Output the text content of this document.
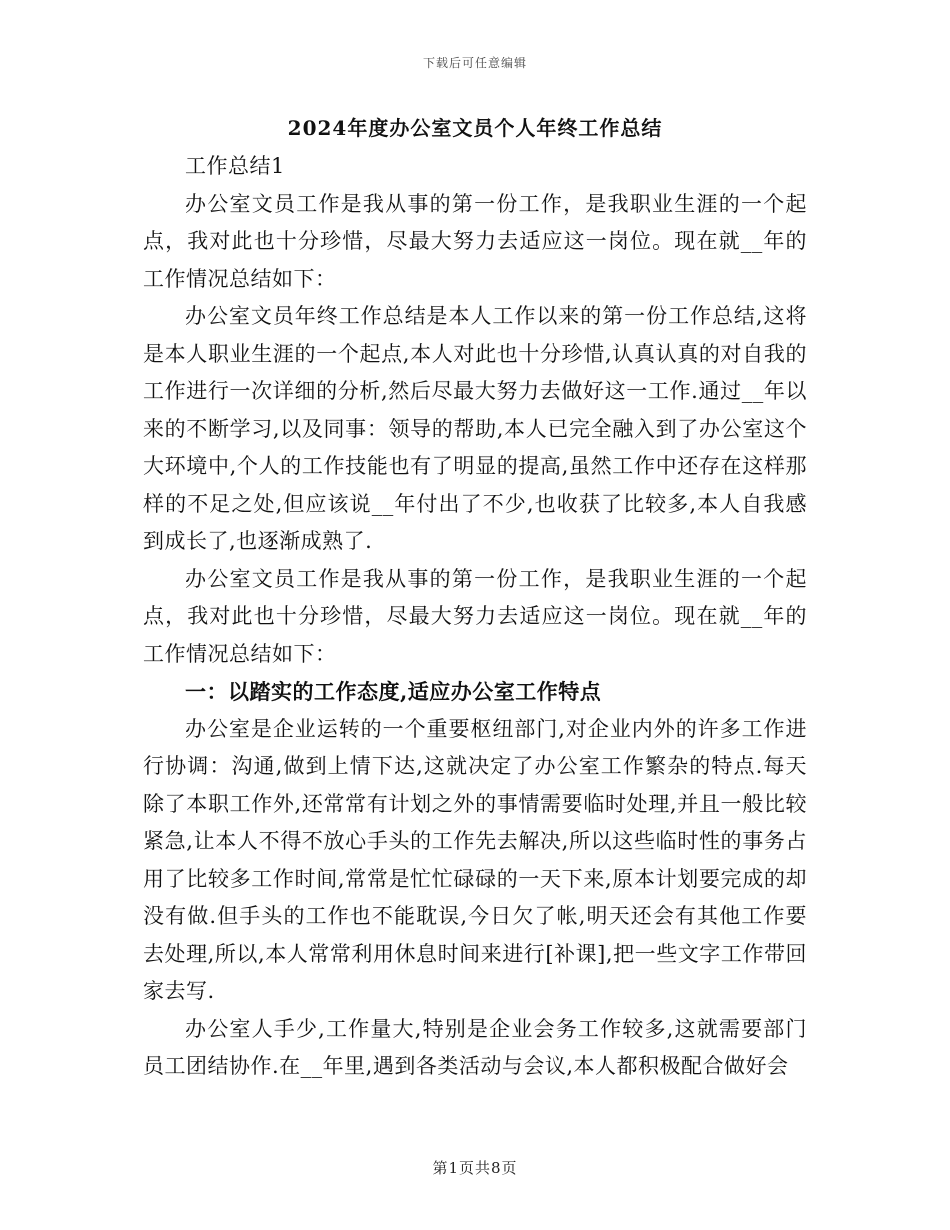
下载后可任意编辑
2024年度办公室文员个人年终工作总结

工作总结1

办公室文员工作是我从事的第一份工作，是我职业生涯的一个起点，我对此也十分珍惜，尽最大努力去适应这一岗位。现在就__年的工作情况总结如下：

办公室文员年终工作总结是本人工作以来的第一份工作总结,这将是本人职业生涯的一个起点,本人对此也十分珍惜,认真认真的对自我的工作进行一次详细的分析,然后尽最大努力去做好这一工作.通过__年以来的不断学习,以及同事：领导的帮助,本人已完全融入到了办公室这个大环境中,个人的工作技能也有了明显的提高,虽然工作中还存在这样那样的不足之处,但应该说__年付出了不少,也收获了比较多,本人自我感到成长了,也逐渐成熟了.

办公室文员工作是我从事的第一份工作，是我职业生涯的一个起点，我对此也十分珍惜，尽最大努力去适应这一岗位。现在就__年的工作情况总结如下：

一：以踏实的工作态度,适应办公室工作特点

办公室是企业运转的一个重要枢纽部门,对企业内外的许多工作进行协调：沟通,做到上情下达,这就决定了办公室工作繁杂的特点.每天除了本职工作外,还常常有计划之外的事情需要临时处理,并且一般比较紧急,让本人不得不放心手头的工作先去解决,所以这些临时性的事务占用了比较多工作时间,常常是忙忙碌碌的一天下来,原本计划要完成的却没有做.但手头的工作也不能耽误,今日欠了帐,明天还会有其他工作要去处理,所以,本人常常利用休息时间来进行[补课],把一些文字工作带回家去写.

办公室人手少,工作量大,特别是企业会务工作较多,这就需要部门员工团结协作.在__年里,遇到各类活动与会议,本人都积极配合做好会

第1页共8页
